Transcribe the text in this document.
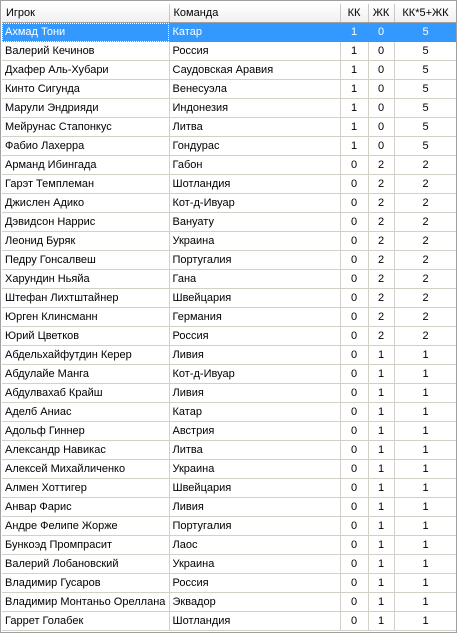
Игрок	Команда	КК	ЖК	КК*5+ЖК
Ахмад Тони	Катар	1	0	5
Валерий Кечинов	Россия	1	0	5
Дхафер Аль-Хубари	Саудовская Аравия	1	0	5
Кинто Сигунда	Венесуэла	1	0	5
Марули Эндрияди	Индонезия	1	0	5
Мейрунас Стапонкус	Литва	1	0	5
Фабио Лахерра	Гондурас	1	0	5
Арманд Ибингада	Габон	0	2	2
Гарэт Темплеман	Шотландия	0	2	2
Джислен Адико	Кот-д-Ивуар	0	2	2
Дэвидсон Наррис	Вануату	0	2	2
Леонид Буряк	Украина	0	2	2
Педру Гонсалвеш	Португалия	0	2	2
Харундин Ньяйа	Гана	0	2	2
Штефан Лихтштайнер	Швейцария	0	2	2
Юрген Клинсманн	Германия	0	2	2
Юрий Цветков	Россия	0	2	2
Абдельхайфутдин Керер	Ливия	0	1	1
Абдулайе Манга	Кот-д-Ивуар	0	1	1
Абдулвахаб Крайш	Ливия	0	1	1
Аделб Аниас	Катар	0	1	1
Адольф Гиннер	Австрия	0	1	1
Александр Навикас	Литва	0	1	1
Алексей Михайличенко	Украина	0	1	1
Алмен Хоттигер	Швейцария	0	1	1
Анвар Фарис	Ливия	0	1	1
Андре Фелипе Жорже	Португалия	0	1	1
Бункоэд Промпрасит	Лаос	0	1	1
Валерий Лобановский	Украина	0	1	1
Владимир Гусаров	Россия	0	1	1
Владимир Монтаньо Ореллана	Эквадор	0	1	1
Гаррет Голабек	Шотландия	0	1	1
